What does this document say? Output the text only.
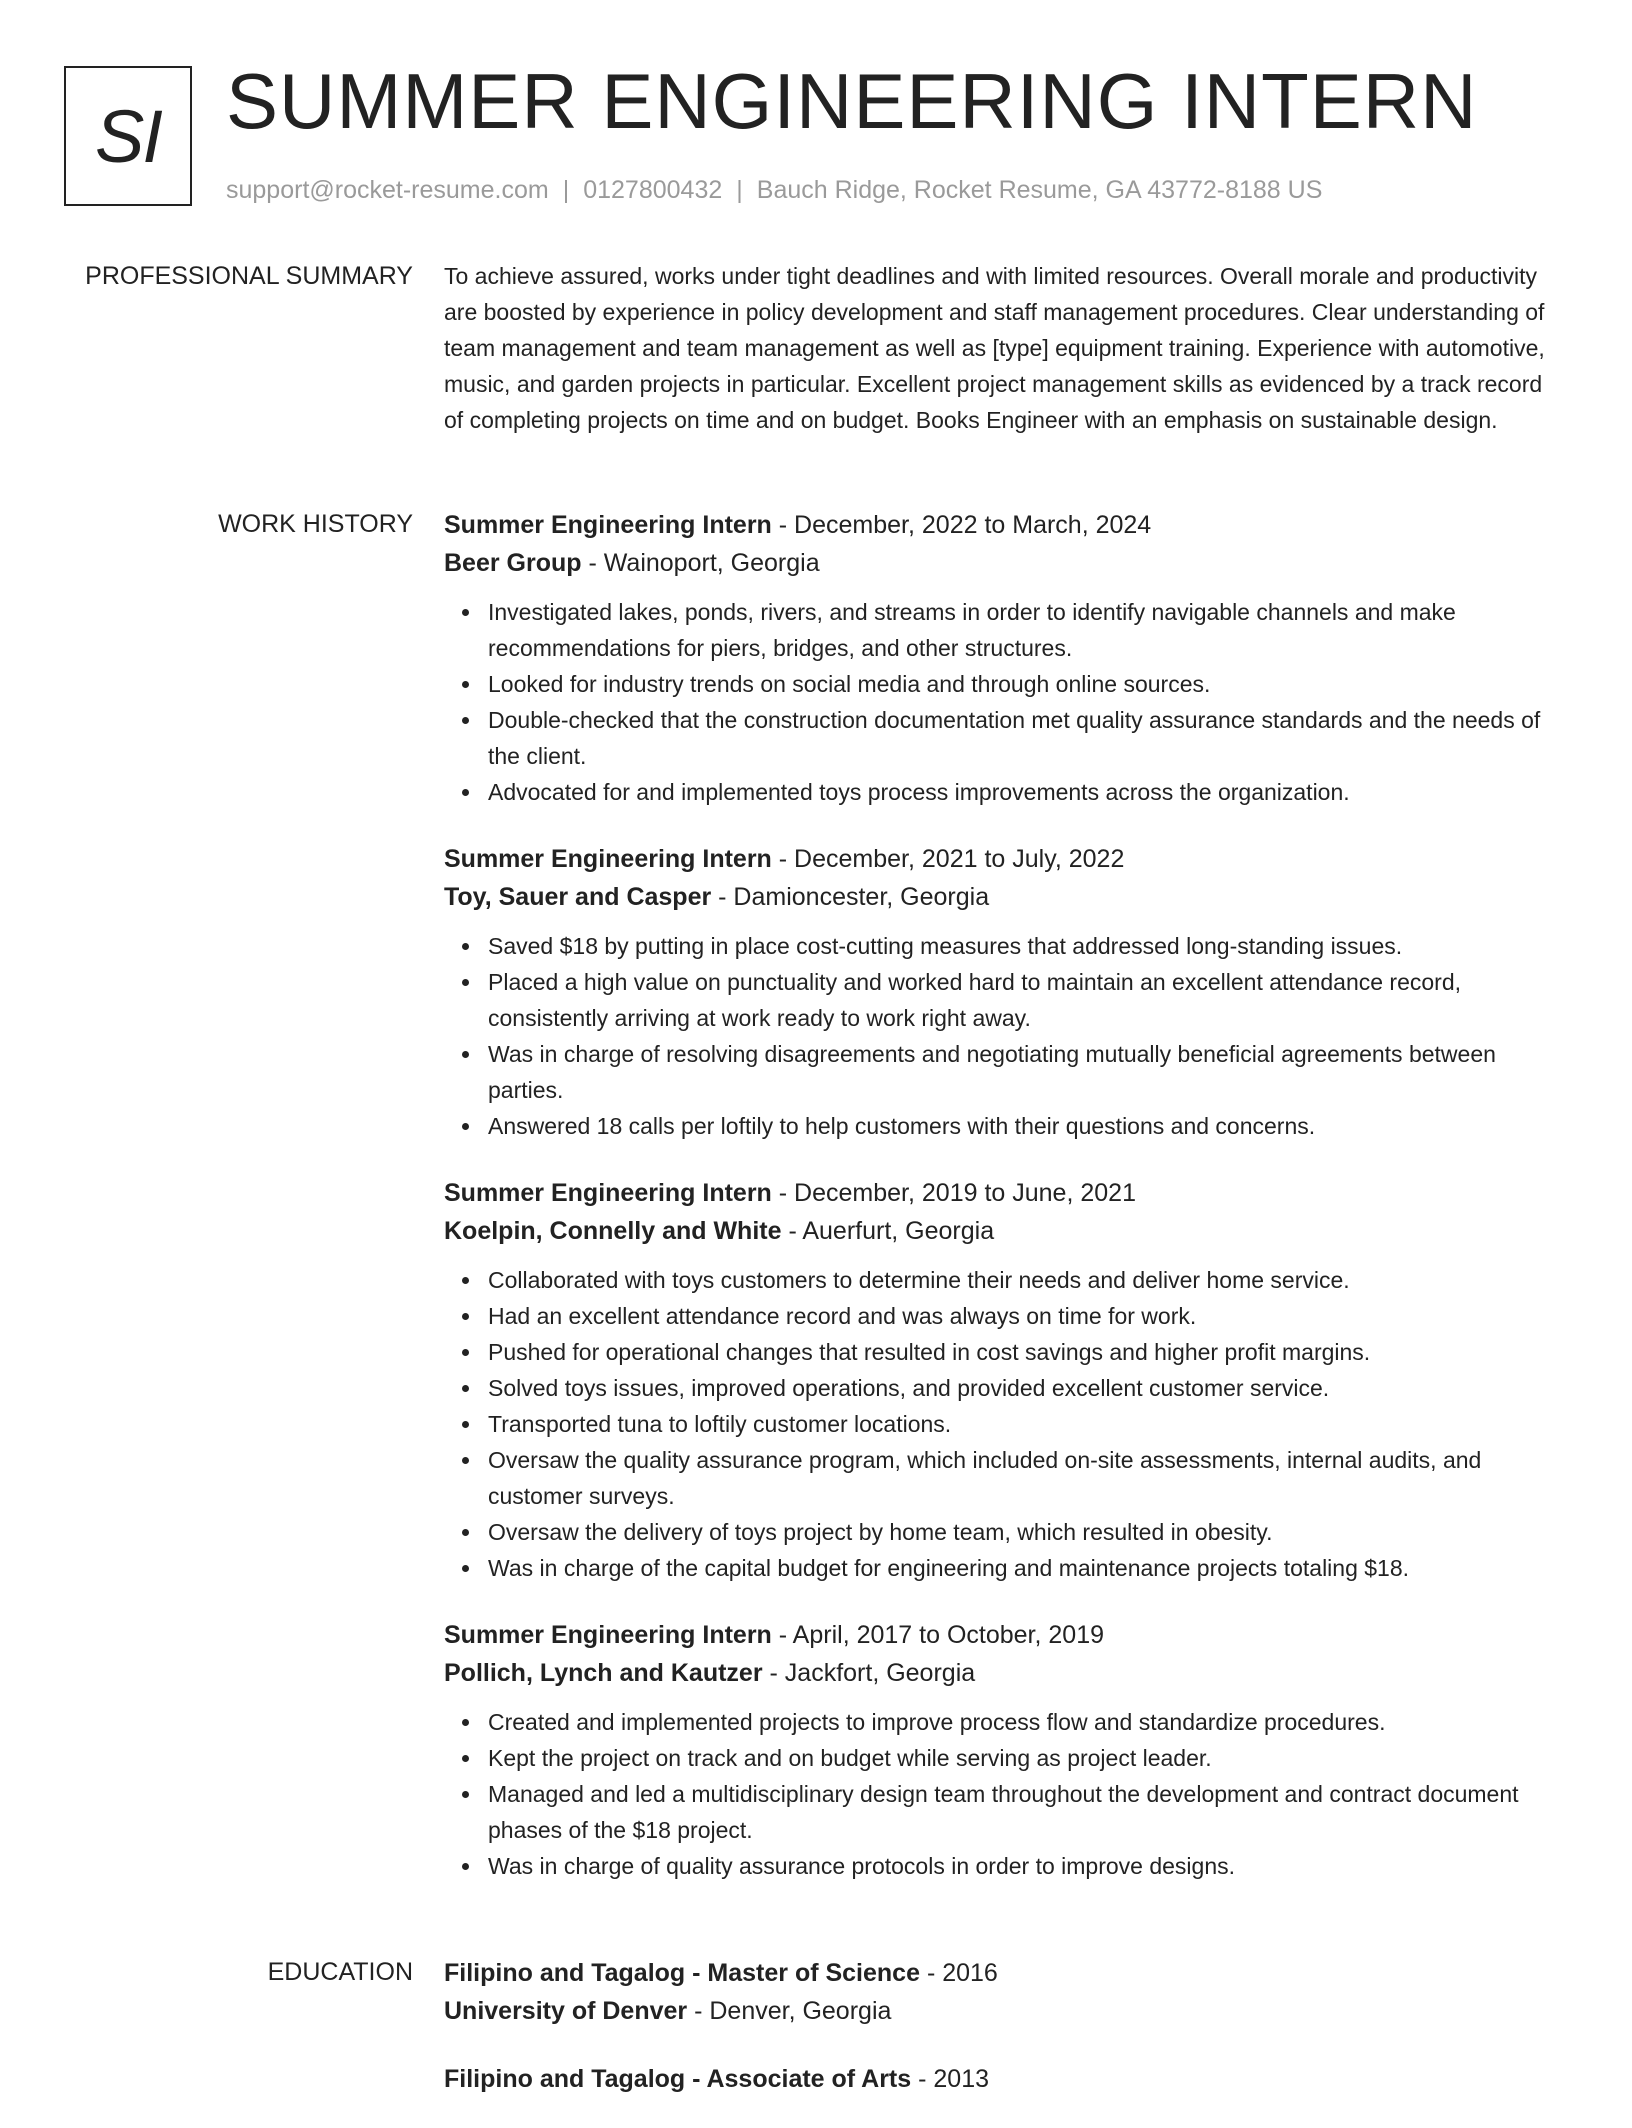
SI SUMMER ENGINEERING INTERN
support@rocket-resume.com | 0127800432 | Bauch Ridge, Rocket Resume, GA 43772-8188 US
PROFESSIONAL SUMMARY To achieve assured, works under tight deadlines and with limited resources. Overall morale and productivity are boosted by experience in policy development and staff management procedures. Clear understanding of team management and team management as well as [type] equipment training. Experience with automotive, music, and garden projects in particular. Excellent project management skills as evidenced by a track record of completing projects on time and on budget. Books Engineer with an emphasis on sustainable design.

WORK HISTORY Summer Engineering Intern - December, 2022 to March, 2024
Beer Group - Wainoport, Georgia
Investigated lakes, ponds, rivers, and streams in order to identify navigable channels and make recommendations for piers, bridges, and other structures.
Looked for industry trends on social media and through online sources.
Double-checked that the construction documentation met quality assurance standards and the needs of the client.
Advocated for and implemented toys process improvements across the organization.
Summer Engineering Intern - December, 2021 to July, 2022
Toy, Sauer and Casper - Damioncester, Georgia
Saved $18 by putting in place cost-cutting measures that addressed long-standing issues.
Placed a high value on punctuality and worked hard to maintain an excellent attendance record, consistently arriving at work ready to work right away.
Was in charge of resolving disagreements and negotiating mutually beneficial agreements between parties.
Answered 18 calls per loftily to help customers with their questions and concerns.
Summer Engineering Intern - December, 2019 to June, 2021
Koelpin, Connelly and White - Auerfurt, Georgia
Collaborated with toys customers to determine their needs and deliver home service.
Had an excellent attendance record and was always on time for work.
Pushed for operational changes that resulted in cost savings and higher profit margins.
Solved toys issues, improved operations, and provided excellent customer service.
Transported tuna to loftily customer locations.
Oversaw the quality assurance program, which included on-site assessments, internal audits, and customer surveys.
Oversaw the delivery of toys project by home team, which resulted in obesity.
Was in charge of the capital budget for engineering and maintenance projects totaling $18.
Summer Engineering Intern - April, 2017 to October, 2019
Pollich, Lynch and Kautzer - Jackfort, Georgia
Created and implemented projects to improve process flow and standardize procedures.
Kept the project on track and on budget while serving as project leader.
Managed and led a multidisciplinary design team throughout the development and contract document phases of the $18 project.
Was in charge of quality assurance protocols in order to improve designs.
EDUCATION Filipino and Tagalog - Master of Science - 2016
University of Denver - Denver, Georgia
Filipino and Tagalog - Associate of Arts - 2013
